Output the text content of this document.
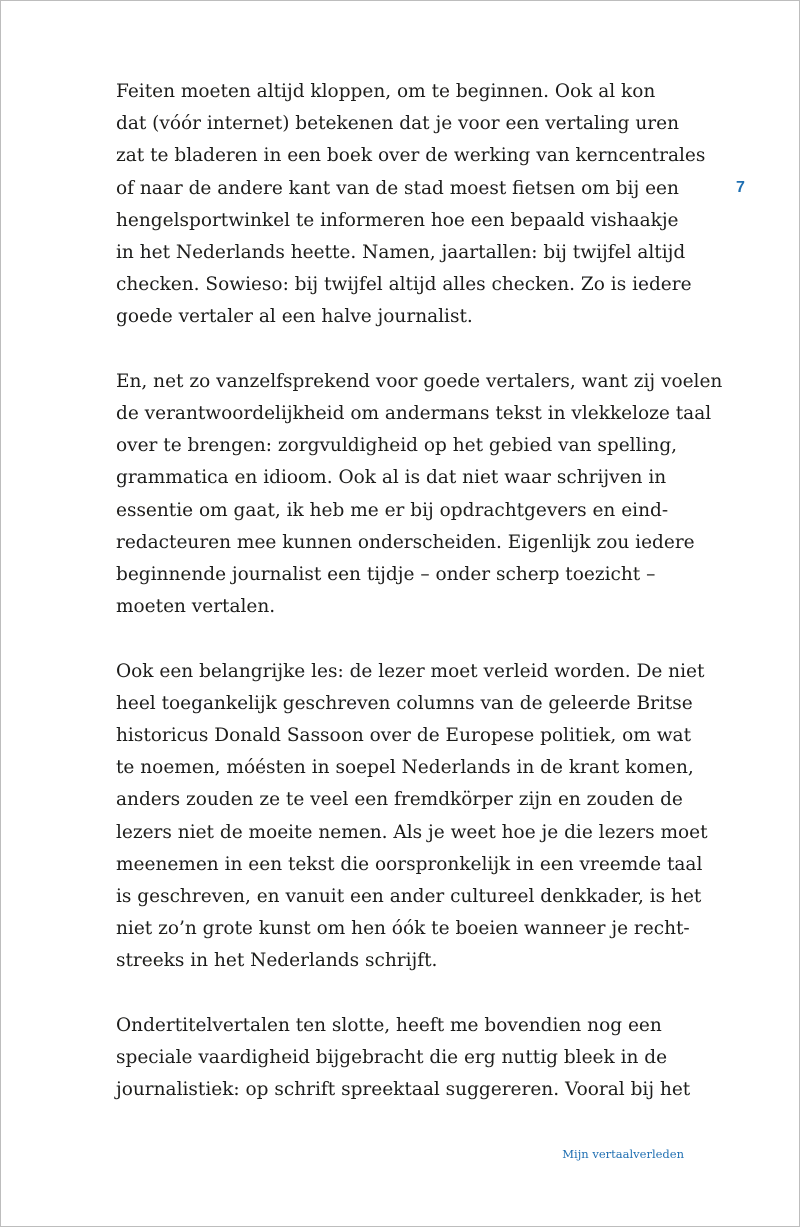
Feiten moeten altijd kloppen, om te beginnen. Ook al kon
dat (vóór internet) betekenen dat je voor een vertaling uren
zat te bladeren in een boek over de werking van kerncentrales
of naar de andere kant van de stad moest fietsen om bij een
hengelsportwinkel te informeren hoe een bepaald vishaakje
in het Nederlands heette. Namen, jaartallen: bij twijfel altijd
checken. Sowieso: bij twijfel altijd alles checken. Zo is iedere
goede vertaler al een halve journalist.

En, net zo vanzelfsprekend voor goede vertalers, want zij voelen
de verantwoordelijkheid om andermans tekst in vlekkeloze taal
over te brengen: zorgvuldigheid op het gebied van spelling,
grammatica en idioom. Ook al is dat niet waar schrijven in
essentie om gaat, ik heb me er bij opdrachtgevers en eind-
redacteuren mee kunnen onderscheiden. Eigenlijk zou iedere
beginnende journalist een tijdje – onder scherp toezicht –
moeten vertalen.

Ook een belangrijke les: de lezer moet verleid worden. De niet
heel toegankelijk geschreven columns van de geleerde Britse
historicus Donald Sassoon over de Europese politiek, om wat
te noemen, móésten in soepel Nederlands in de krant komen,
anders zouden ze te veel een fremdkörper zijn en zouden de
lezers niet de moeite nemen. Als je weet hoe je die lezers moet
meenemen in een tekst die oorspronkelijk in een vreemde taal
is geschreven, en vanuit een ander cultureel denkkader, is het
niet zo’n grote kunst om hen óók te boeien wanneer je recht-
streeks in het Nederlands schrijft.

Ondertitelvertalen ten slotte, heeft me bovendien nog een
speciale vaardigheid bijgebracht die erg nuttig bleek in de
journalistiek: op schrift spreektaal suggereren. Vooral bij het

7
Mijn vertaalverleden
